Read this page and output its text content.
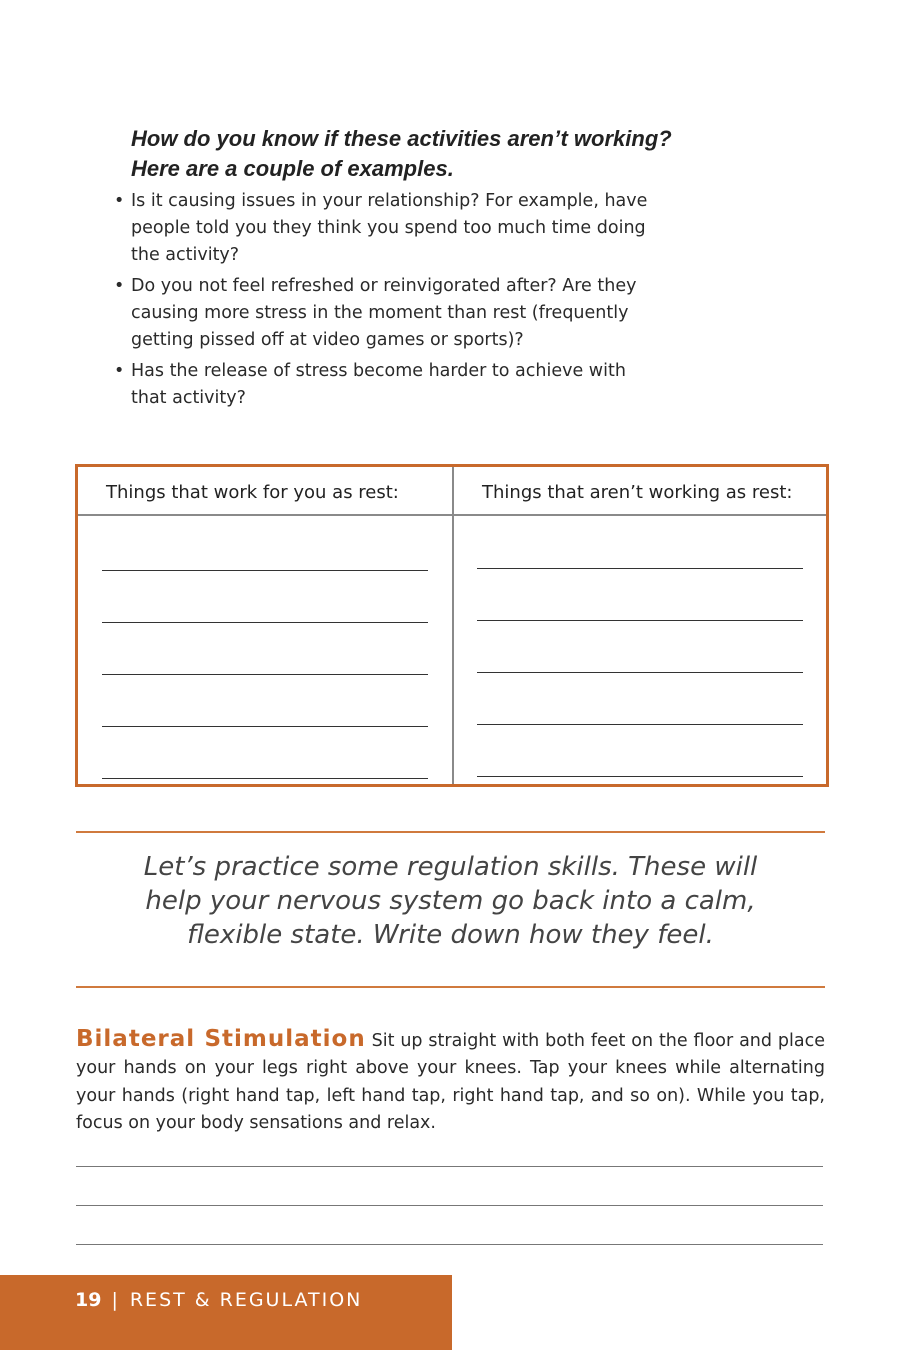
How do you know if these activities aren’t working?
Here are a couple of examples.
• Is it causing issues in your relationship? For example, have people told you they think you spend too much time doing the activity?
• Do you not feel refreshed or reinvigorated after? Are they causing more stress in the moment than rest (frequently getting pissed off at video games or sports)?
• Has the release of stress become harder to achieve with that activity?
Things that work for you as rest:	Things that aren’t working as rest:
Let’s practice some regulation skills. These will
help your nervous system go back into a calm,
flexible state. Write down how they feel.
Bilateral Stimulation Sit up straight with both feet on the floor and place your hands on your legs right above your knees. Tap your knees while alternating your hands (right hand tap, left hand tap, right hand tap, and so on). While you tap, focus on your body sensations and relax.
19 | REST & REGULATION
